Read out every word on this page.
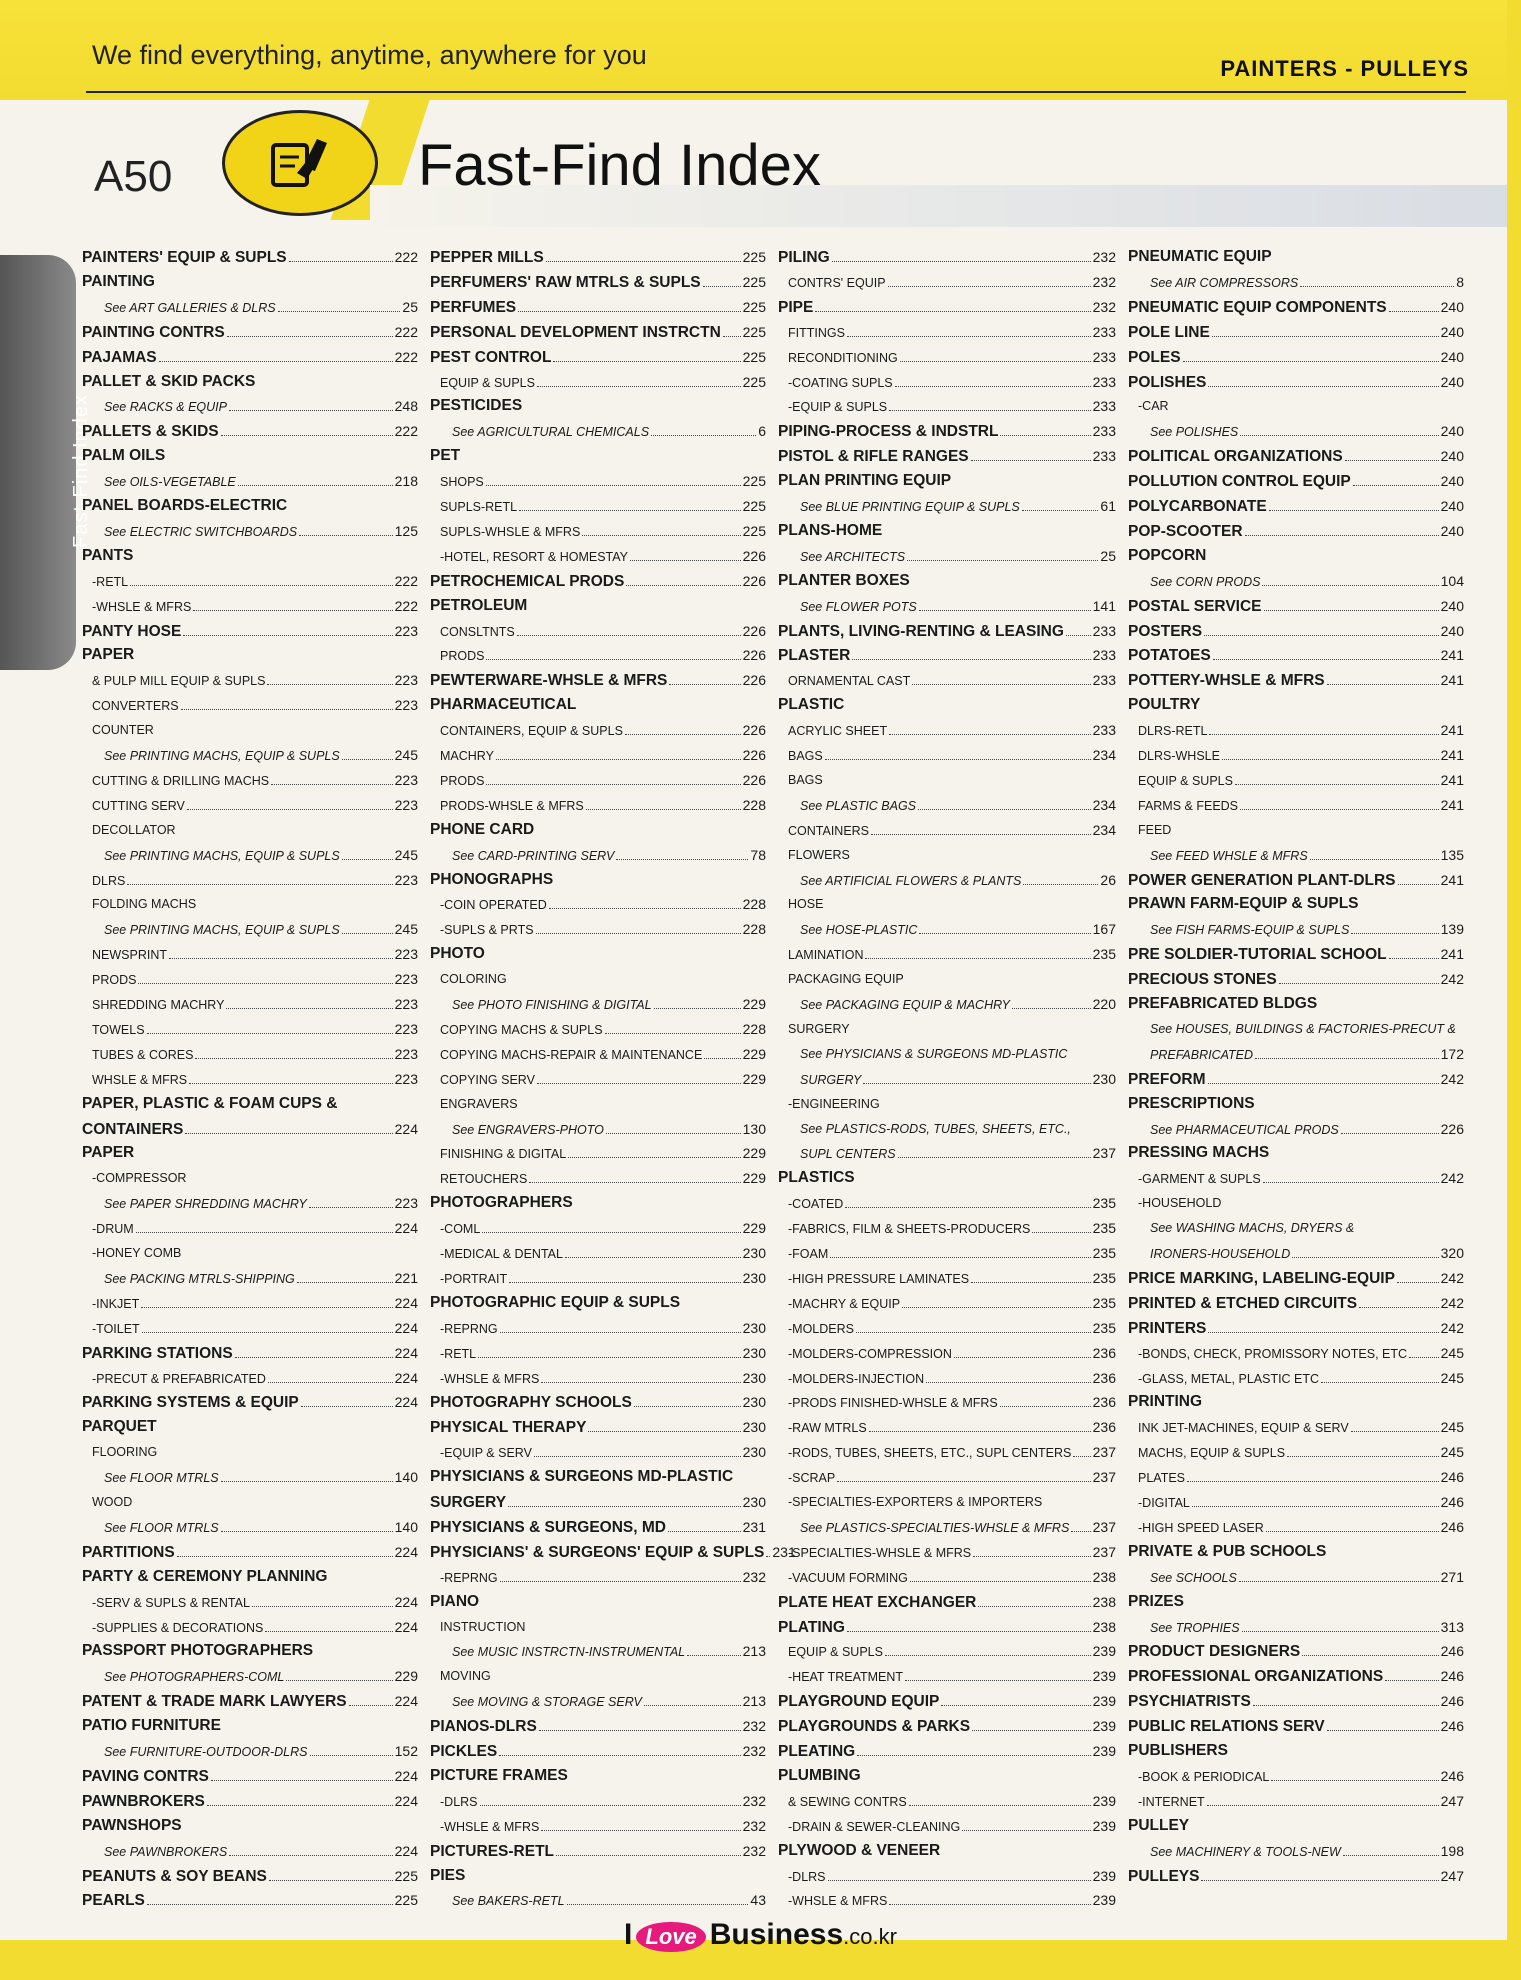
We find everything, anytime, anywhere for you	PAINTERS - PULLEYS
A50	Fast-Find Index
Fast-Find Index
PAINTERS' EQUIP & SUPLS	222
PAINTING
See ART GALLERIES & DLRS	25
PAINTING CONTRS	222
PAJAMAS	222
PALLET & SKID PACKS
See RACKS & EQUIP	248
PALLETS & SKIDS	222
PALM OILS
See OILS-VEGETABLE	218
PANEL BOARDS-ELECTRIC
See ELECTRIC SWITCHBOARDS	125
PANTS
-RETL	222
-WHSLE & MFRS	222
PANTY HOSE	223
PAPER
& PULP MILL EQUIP & SUPLS	223
CONVERTERS	223
COUNTER
See PRINTING MACHS, EQUIP & SUPLS	245
CUTTING & DRILLING MACHS	223
CUTTING SERV	223
DECOLLATOR
See PRINTING MACHS, EQUIP & SUPLS	245
DLRS	223
FOLDING MACHS
See PRINTING MACHS, EQUIP & SUPLS	245
NEWSPRINT	223
PRODS	223
SHREDDING MACHRY	223
TOWELS	223
TUBES & CORES	223
WHSLE & MFRS	223
PAPER, PLASTIC & FOAM CUPS &
CONTAINERS	224
PAPER
-COMPRESSOR
See PAPER SHREDDING MACHRY	223
-DRUM	224
-HONEY COMB
See PACKING MTRLS-SHIPPING	221
-INKJET	224
-TOILET	224
PARKING STATIONS	224
-PRECUT & PREFABRICATED	224
PARKING SYSTEMS & EQUIP	224
PARQUET
FLOORING
See FLOOR MTRLS	140
WOOD
See FLOOR MTRLS	140
PARTITIONS	224
PARTY & CEREMONY PLANNING
-SERV & SUPLS & RENTAL	224
-SUPPLIES & DECORATIONS	224
PASSPORT PHOTOGRAPHERS
See PHOTOGRAPHERS-COML	229
PATENT & TRADE MARK LAWYERS	224
PATIO FURNITURE
See FURNITURE-OUTDOOR-DLRS	152
PAVING CONTRS	224
PAWNBROKERS	224
PAWNSHOPS
See PAWNBROKERS	224
PEANUTS & SOY BEANS	225
PEARLS	225
PEPPER MILLS	225
PERFUMERS' RAW MTRLS & SUPLS	225
PERFUMES	225
PERSONAL DEVELOPMENT INSTRCTN 225
PEST CONTROL	225
EQUIP & SUPLS	225
PESTICIDES
See AGRICULTURAL CHEMICALS	6
PET
SHOPS	225
SUPLS-RETL	225
SUPLS-WHSLE & MFRS	225
-HOTEL, RESORT & HOMESTAY	226
PETROCHEMICAL PRODS	226
PETROLEUM
CONSLTNTS	226
PRODS	226
PEWTERWARE-WHSLE & MFRS	226
PHARMACEUTICAL
CONTAINERS, EQUIP & SUPLS	226
MACHRY	226
PRODS	226
PRODS-WHSLE & MFRS	228
PHONE CARD
See CARD-PRINTING SERV	78
PHONOGRAPHS
-COIN OPERATED	228
-SUPLS & PRTS	228
PHOTO
COLORING
See PHOTO FINISHING & DIGITAL	229
COPYING MACHS & SUPLS	228
COPYING MACHS-REPAIR & MAINTENANCE	229
COPYING SERV	229
ENGRAVERS
See ENGRAVERS-PHOTO	130
FINISHING & DIGITAL	229
RETOUCHERS	229
PHOTOGRAPHERS
-COML	229
-MEDICAL & DENTAL	230
-PORTRAIT	230
PHOTOGRAPHIC EQUIP & SUPLS
-REPRNG	230
-RETL	230
-WHSLE & MFRS	230
PHOTOGRAPHY SCHOOLS	230
PHYSICAL THERAPY	230
-EQUIP & SERV	230
PHYSICIANS & SURGEONS MD-PLASTIC
SURGERY	230
PHYSICIANS & SURGEONS, MD	231
PHYSICIANS' & SURGEONS' EQUIP & SUPLS 231
-REPRNG	232
PIANO
INSTRUCTION
See MUSIC INSTRCTN-INSTRUMENTAL	213
MOVING
See MOVING & STORAGE SERV	213
PIANOS-DLRS	232
PICKLES	232
PICTURE FRAMES
-DLRS	232
-WHSLE & MFRS	232
PICTURES-RETL	232
PIES
See BAKERS-RETL	43
PILING	232
CONTRS' EQUIP	232
PIPE	232
FITTINGS	233
RECONDITIONING	233
-COATING SUPLS	233
-EQUIP & SUPLS	233
PIPING-PROCESS & INDSTRL	233
PISTOL & RIFLE RANGES	233
PLAN PRINTING EQUIP
See BLUE PRINTING EQUIP & SUPLS	61
PLANS-HOME
See ARCHITECTS	25
PLANTER BOXES
See FLOWER POTS	141
PLANTS, LIVING-RENTING & LEASING 233
PLASTER	233
ORNAMENTAL CAST	233
PLASTIC
ACRYLIC SHEET	233
BAGS	234
BAGS
See PLASTIC BAGS	234
CONTAINERS	234
FLOWERS
See ARTIFICIAL FLOWERS & PLANTS	26
HOSE
See HOSE-PLASTIC	167
LAMINATION	235
PACKAGING EQUIP
See PACKAGING EQUIP & MACHRY	220
SURGERY
See PHYSICIANS & SURGEONS MD-PLASTIC
SURGERY	230
-ENGINEERING
See PLASTICS-RODS, TUBES, SHEETS, ETC.,
SUPL CENTERS	237
PLASTICS
-COATED	235
-FABRICS, FILM & SHEETS-PRODUCERS	235
-FOAM	235
-HIGH PRESSURE LAMINATES	235
-MACHRY & EQUIP	235
-MOLDERS	235
-MOLDERS-COMPRESSION	236
-MOLDERS-INJECTION	236
-PRODS FINISHED-WHSLE & MFRS	236
-RAW MTRLS	236
-RODS, TUBES, SHEETS, ETC., SUPL CENTERS 237
-SCRAP	237
-SPECIALTIES-EXPORTERS & IMPORTERS
See PLASTICS-SPECIALTIES-WHSLE & MFRS 237
-SPECIALTIES-WHSLE & MFRS	237
-VACUUM FORMING	238
PLATE HEAT EXCHANGER	238
PLATING	238
EQUIP & SUPLS	239
-HEAT TREATMENT	239
PLAYGROUND EQUIP	239
PLAYGROUNDS & PARKS	239
PLEATING	239
PLUMBING
& SEWING CONTRS	239
-DRAIN & SEWER-CLEANING	239
PLYWOOD & VENEER
-DLRS	239
-WHSLE & MFRS	239
PNEUMATIC EQUIP
See AIR COMPRESSORS	8
PNEUMATIC EQUIP COMPONENTS	240
POLE LINE	240
POLES	240
POLISHES	240
-CAR
See POLISHES	240
POLITICAL ORGANIZATIONS	240
POLLUTION CONTROL EQUIP	240
POLYCARBONATE	240
POP-SCOOTER	240
POPCORN
See CORN PRODS	104
POSTAL SERVICE	240
POSTERS	240
POTATOES	241
POTTERY-WHSLE & MFRS	241
POULTRY
DLRS-RETL	241
DLRS-WHSLE	241
EQUIP & SUPLS	241
FARMS & FEEDS	241
FEED
See FEED WHSLE & MFRS	135
POWER GENERATION PLANT-DLRS	241
PRAWN FARM-EQUIP & SUPLS
See FISH FARMS-EQUIP & SUPLS	139
PRE SOLDIER-TUTORIAL SCHOOL	241
PRECIOUS STONES	242
PREFABRICATED BLDGS
See HOUSES, BUILDINGS & FACTORIES-PRECUT &
PREFABRICATED	172
PREFORM	242
PRESCRIPTIONS
See PHARMACEUTICAL PRODS	226
PRESSING MACHS
-GARMENT & SUPLS	242
-HOUSEHOLD
See WASHING MACHS, DRYERS &
IRONERS-HOUSEHOLD	320
PRICE MARKING, LABELING-EQUIP	242
PRINTED & ETCHED CIRCUITS	242
PRINTERS	242
-BONDS, CHECK, PROMISSORY NOTES, ETC 245
-GLASS, METAL, PLASTIC ETC	245
PRINTING
INK JET-MACHINES, EQUIP & SERV	245
MACHS, EQUIP & SUPLS	245
PLATES	246
-DIGITAL	246
-HIGH SPEED LASER	246
PRIVATE & PUB SCHOOLS
See SCHOOLS	271
PRIZES
See TROPHIES	313
PRODUCT DESIGNERS	246
PROFESSIONAL ORGANIZATIONS	246
PSYCHIATRISTS	246
PUBLIC RELATIONS SERV	246
PUBLISHERS
-BOOK & PERIODICAL	246
-INTERNET	247
PULLEY
See MACHINERY & TOOLS-NEW	198
PULLEYS	247
I Love Business.co.kr
